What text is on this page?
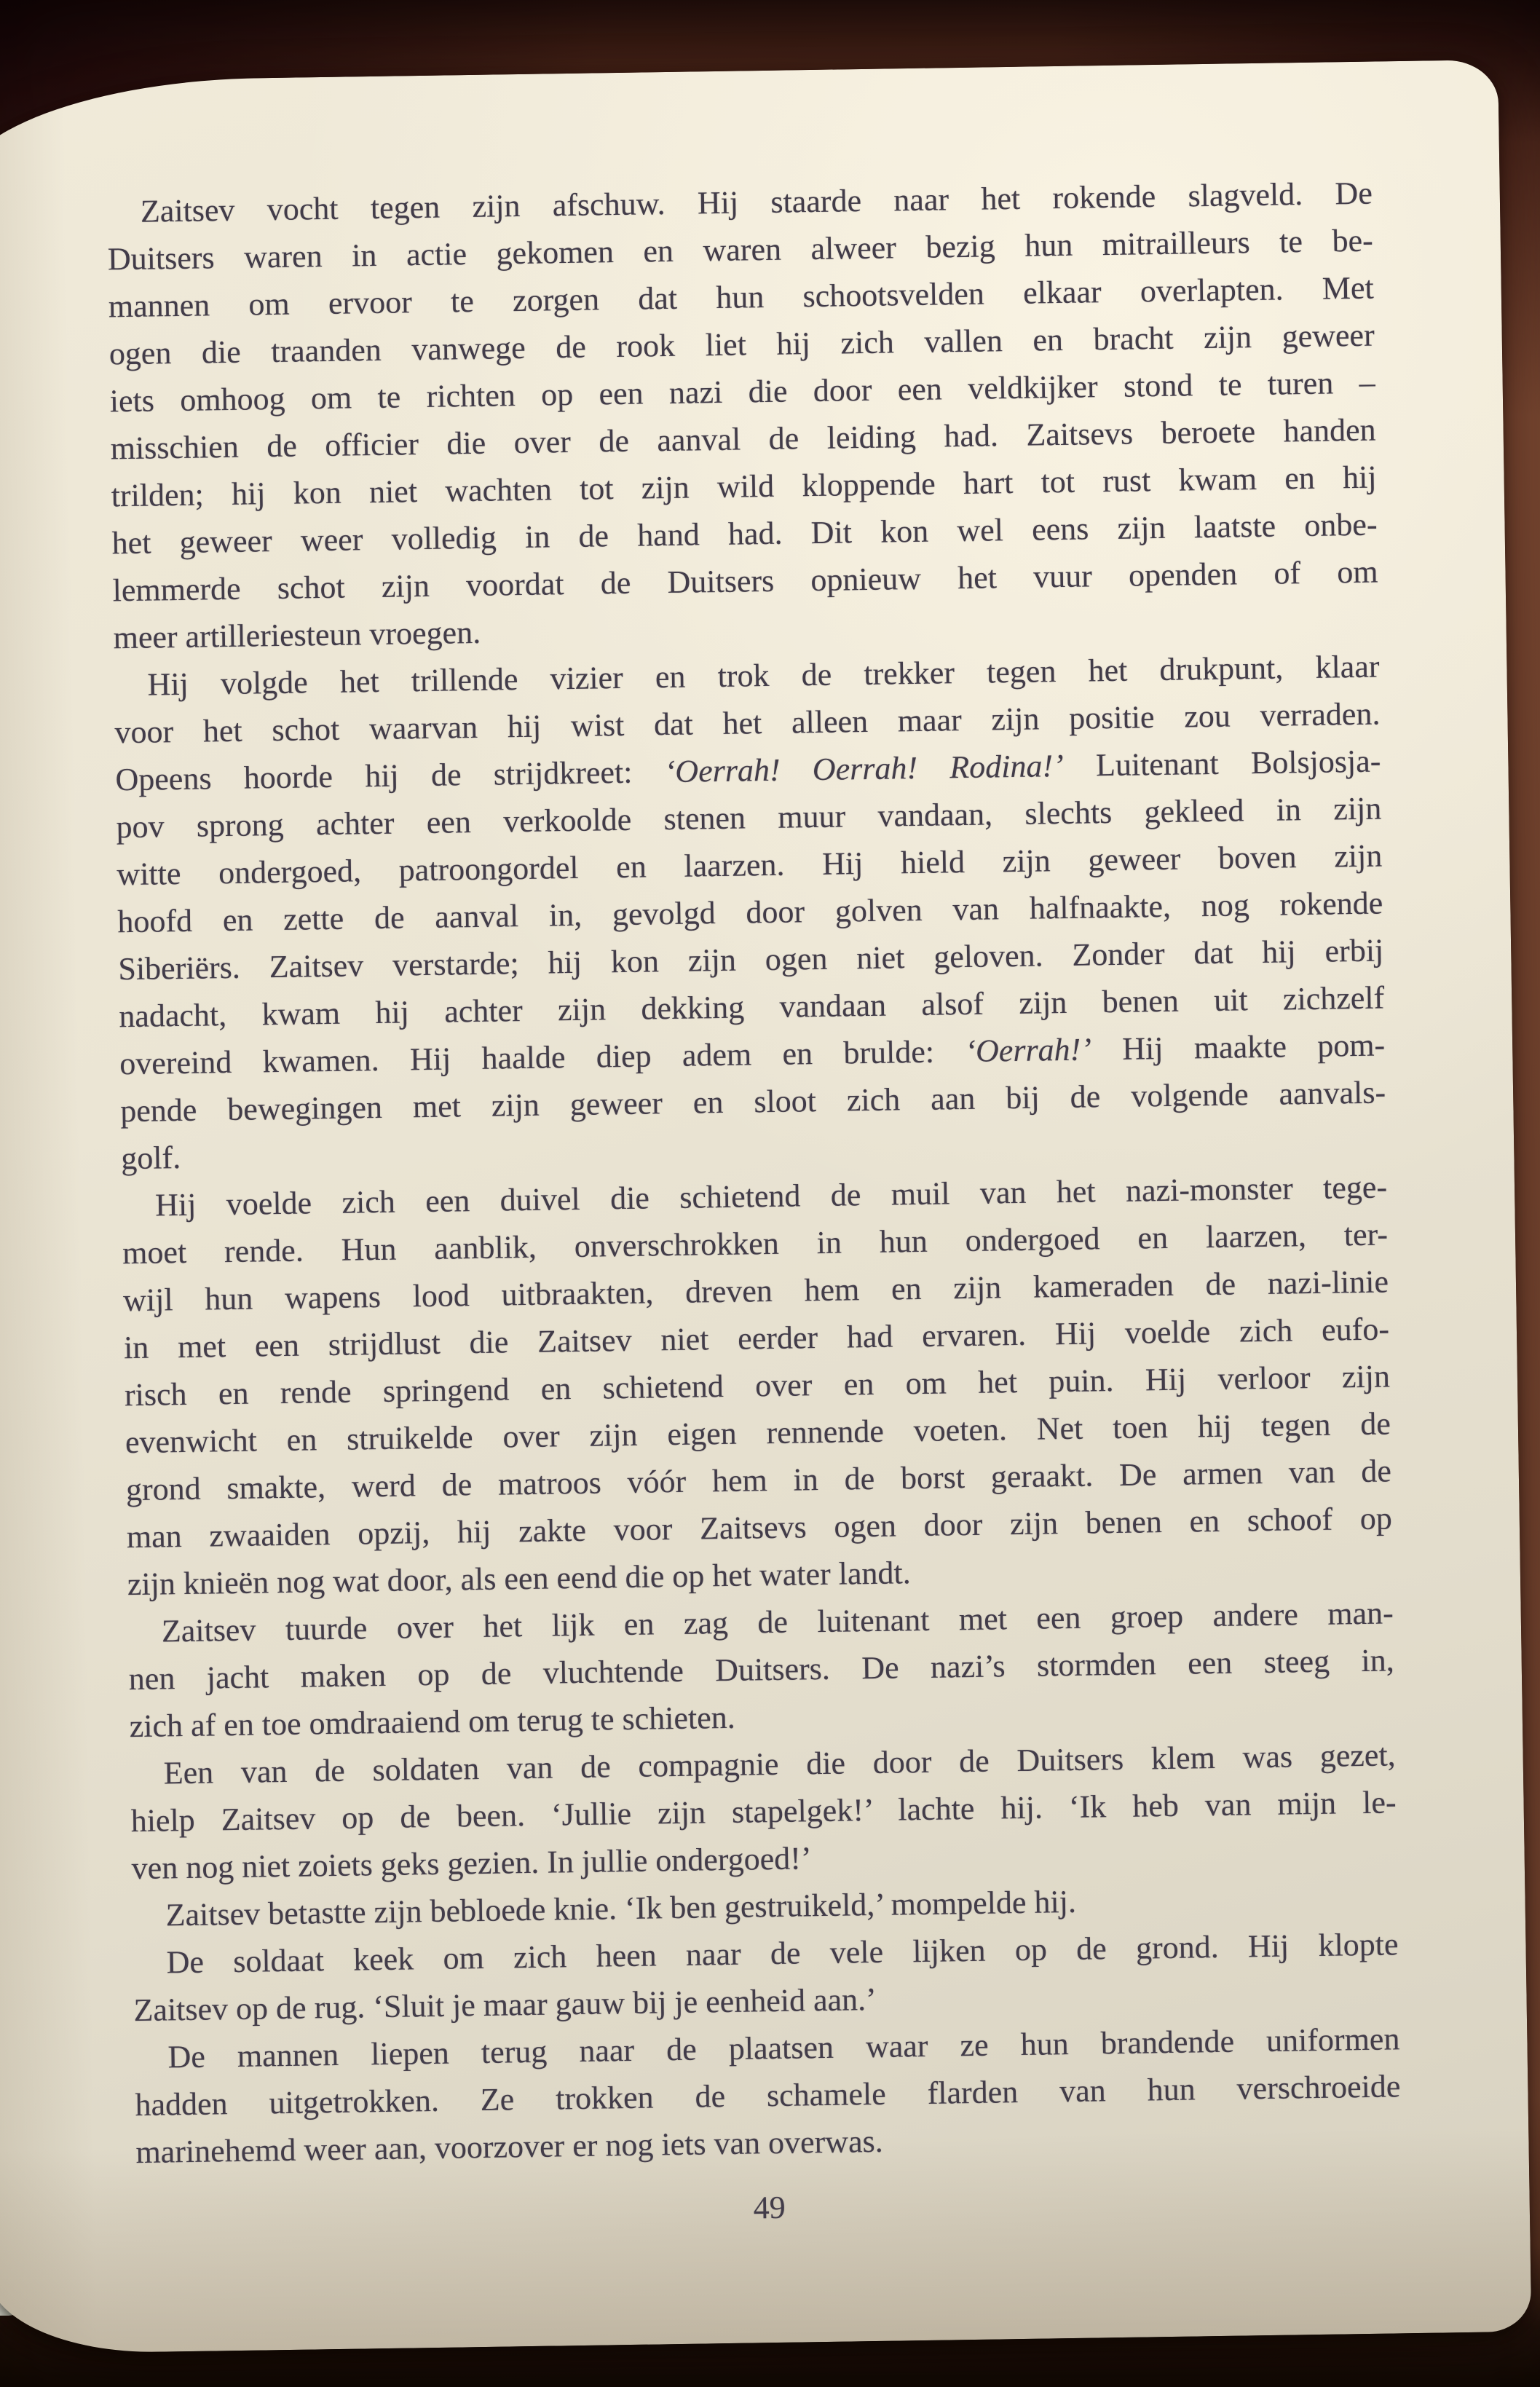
Zaitsev vocht tegen zijn afschuw. Hij staarde naar het rokende slagveld. De
Duitsers waren in actie gekomen en waren alweer bezig hun mitrailleurs te be-
mannen om ervoor te zorgen dat hun schootsvelden elkaar overlapten. Met
ogen die traanden vanwege de rook liet hij zich vallen en bracht zijn geweer
iets omhoog om te richten op een nazi die door een veldkijker stond te turen –
misschien de officier die over de aanval de leiding had. Zaitsevs beroete handen
trilden; hij kon niet wachten tot zijn wild kloppende hart tot rust kwam en hij
het geweer weer volledig in de hand had. Dit kon wel eens zijn laatste onbe-
lemmerde schot zijn voordat de Duitsers opnieuw het vuur openden of om
meer artilleriesteun vroegen.

Hij volgde het trillende vizier en trok de trekker tegen het drukpunt, klaar
voor het schot waarvan hij wist dat het alleen maar zijn positie zou verraden.
Opeens hoorde hij de strijdkreet: ‘Oerrah! Oerrah! Rodina!’ Luitenant Bolsjosja-
pov sprong achter een verkoolde stenen muur vandaan, slechts gekleed in zijn
witte ondergoed, patroongordel en laarzen. Hij hield zijn geweer boven zijn
hoofd en zette de aanval in, gevolgd door golven van halfnaakte, nog rokende
Siberiërs. Zaitsev verstarde; hij kon zijn ogen niet geloven. Zonder dat hij erbij
nadacht, kwam hij achter zijn dekking vandaan alsof zijn benen uit zichzelf
overeind kwamen. Hij haalde diep adem en brulde: ‘Oerrah!’ Hij maakte pom-
pende bewegingen met zijn geweer en sloot zich aan bij de volgende aanvals-
golf.

Hij voelde zich een duivel die schietend de muil van het nazi-monster tege-
moet rende. Hun aanblik, onverschrokken in hun ondergoed en laarzen, ter-
wijl hun wapens lood uitbraakten, dreven hem en zijn kameraden de nazi-linie
in met een strijdlust die Zaitsev niet eerder had ervaren. Hij voelde zich eufo-
risch en rende springend en schietend over en om het puin. Hij verloor zijn
evenwicht en struikelde over zijn eigen rennende voeten. Net toen hij tegen de
grond smakte, werd de matroos vóór hem in de borst geraakt. De armen van de
man zwaaiden opzij, hij zakte voor Zaitsevs ogen door zijn benen en schoof op
zijn knieën nog wat door, als een eend die op het water landt.

Zaitsev tuurde over het lijk en zag de luitenant met een groep andere man-
nen jacht maken op de vluchtende Duitsers. De nazi’s stormden een steeg in,
zich af en toe omdraaiend om terug te schieten.

Een van de soldaten van de compagnie die door de Duitsers klem was gezet,
hielp Zaitsev op de been. ‘Jullie zijn stapelgek!’ lachte hij. ‘Ik heb van mijn le-
ven nog niet zoiets geks gezien. In jullie ondergoed!’

Zaitsev betastte zijn bebloede knie. ‘Ik ben gestruikeld,’ mompelde hij.

De soldaat keek om zich heen naar de vele lijken op de grond. Hij klopte
Zaitsev op de rug. ‘Sluit je maar gauw bij je eenheid aan.’

De mannen liepen terug naar de plaatsen waar ze hun brandende uniformen
hadden uitgetrokken. Ze trokken de schamele flarden van hun verschroeide
marinehemd weer aan, voorzover er nog iets van overwas.

49
